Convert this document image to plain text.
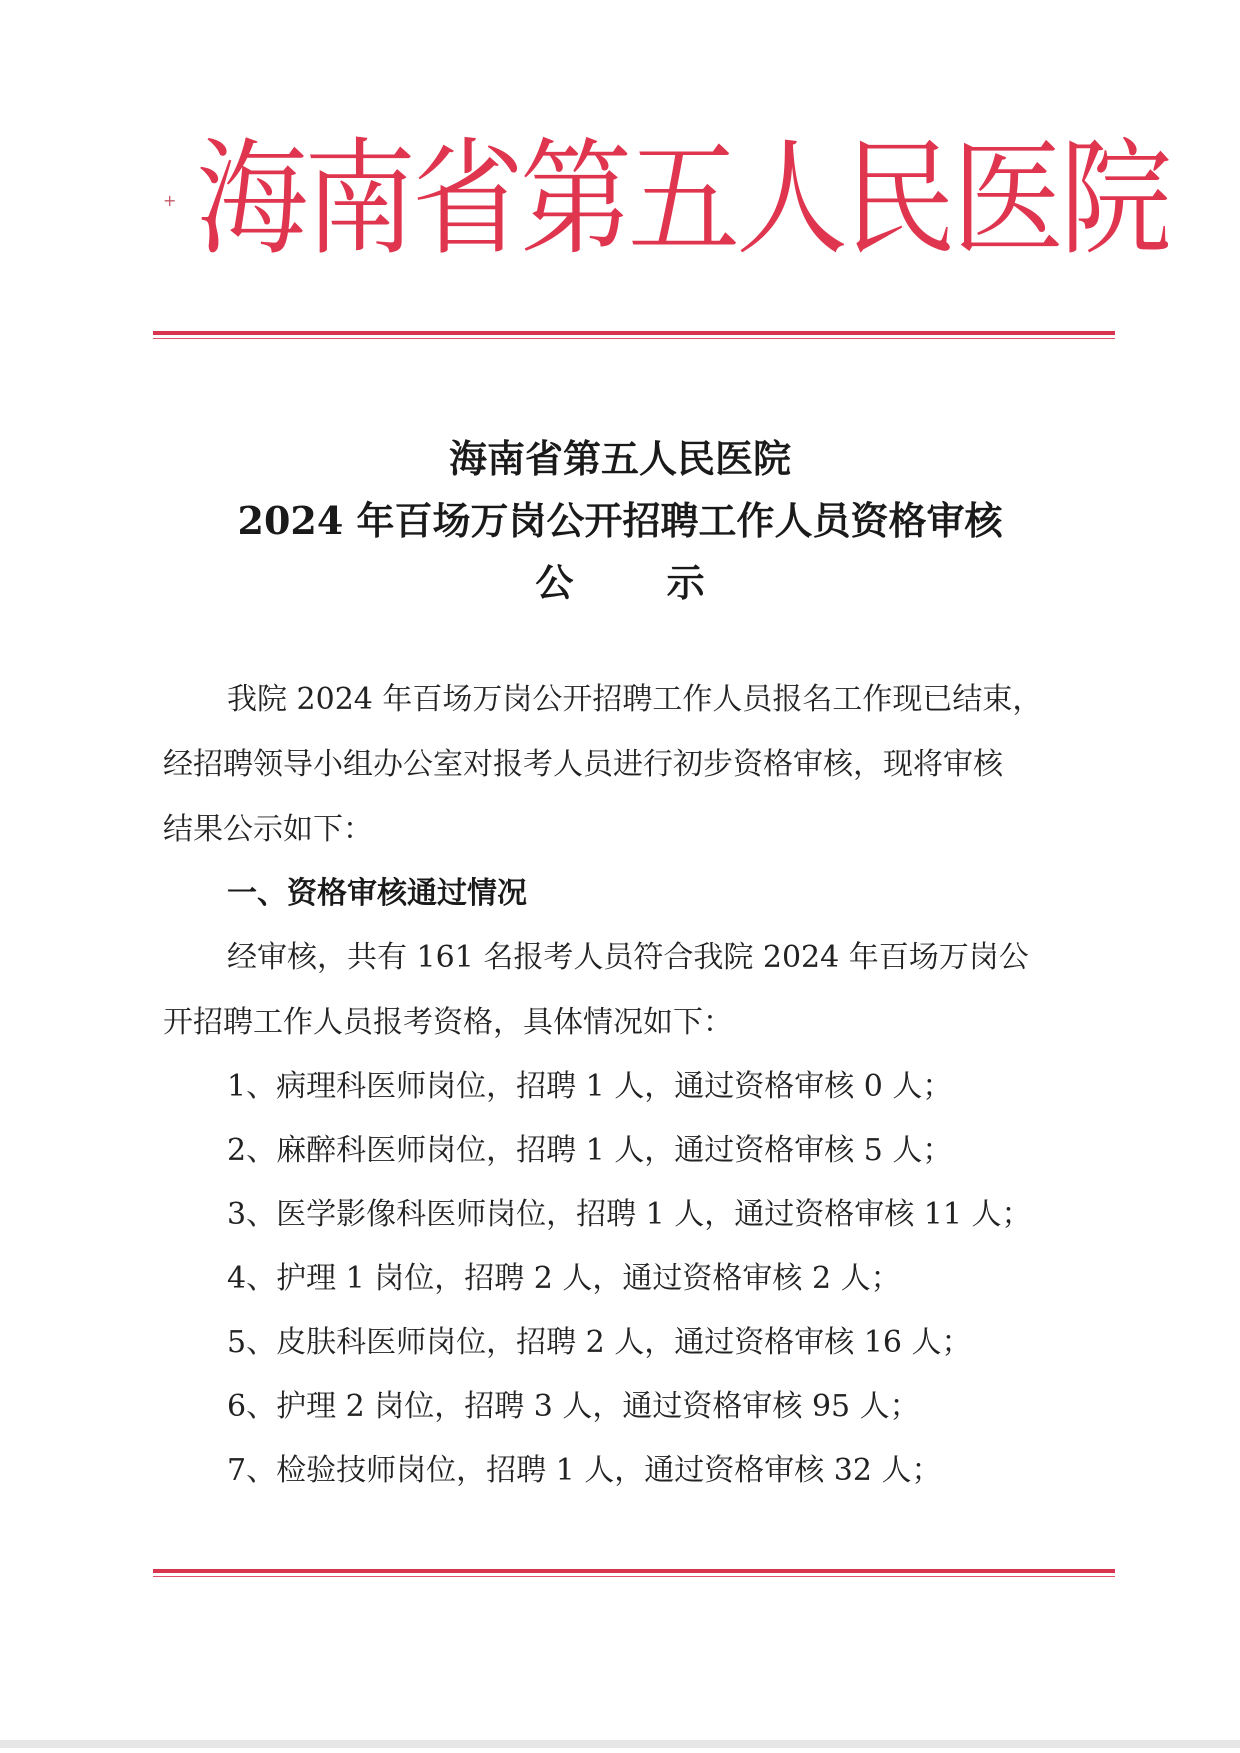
+ 海南省第五人民医院
海南省第五人民医院
2024 年百场万岗公开招聘工作人员资格审核
公 示
我院 2024 年百场万岗公开招聘工作人员报名工作现已结束，
经招聘领导小组办公室对报考人员进行初步资格审核，现将审核
结果公示如下：
一、资格审核通过情况
经审核，共有 161 名报考人员符合我院 2024 年百场万岗公
开招聘工作人员报考资格，具体情况如下：
1、病理科医师岗位，招聘 1 人，通过资格审核 0 人；
2、麻醉科医师岗位，招聘 1 人，通过资格审核 5 人；
3、医学影像科医师岗位，招聘 1 人，通过资格审核 11 人；
4、护理 1 岗位，招聘 2 人，通过资格审核 2 人；
5、皮肤科医师岗位，招聘 2 人，通过资格审核 16 人；
6、护理 2 岗位，招聘 3 人，通过资格审核 95 人；
7、检验技师岗位，招聘 1 人，通过资格审核 32 人；
